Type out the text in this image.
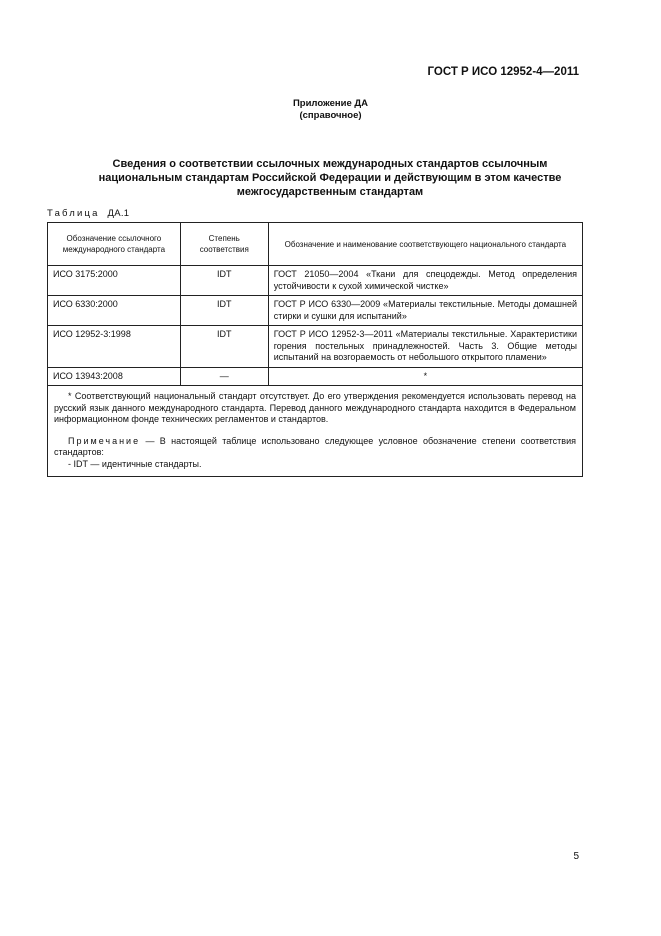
ГОСТ Р ИСО 12952-4—2011
Приложение ДА
(справочное)
Сведения о соответствии ссылочных международных стандартов ссылочным национальным стандартам Российской Федерации и действующим в этом качестве межгосударственным стандартам
Таблица ДА.1
Обозначение ссылочного международного стандарта	Степень соответствия	Обозначение и наименование соответствующего национального стандарта
ИСО 3175:2000	IDT	ГОСТ 21050—2004 «Ткани для спецодежды. Метод определения устойчивости к сухой химической чистке»
ИСО 6330:2000	IDT	ГОСТ Р ИСО 6330—2009 «Материалы текстильные. Методы домашней стирки и сушки для испытаний»
ИСО 12952-3:1998	IDT	ГОСТ Р ИСО 12952-3—2011 «Материалы текстильные. Характеристики горения постельных принадлежностей. Часть 3. Общие методы испытаний на возгораемость от небольшого открытого пламени»
ИСО 13943:2008	—	*

* Соответствующий национальный стандарт отсутствует. До его утверждения рекомендуется использовать перевод на русский язык данного международного стандарта. Перевод данного международного стандарта находится в Федеральном информационном фонде технических регламентов и стандартов.

Примечание — В настоящей таблице использовано следующее условное обозначение степени соответствия стандартов:

- IDT — идентичные стандарты.		

5
